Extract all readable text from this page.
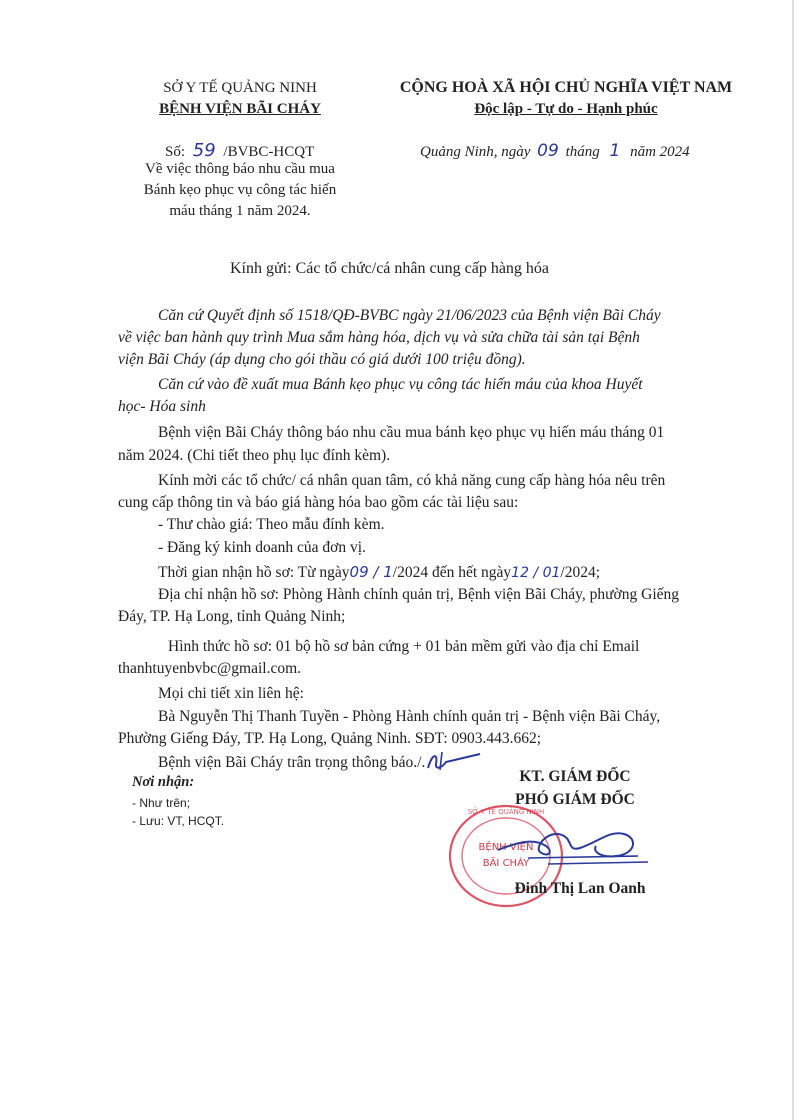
SỞ Y TẾ QUẢNG NINH
BỆNH VIỆN BÃI CHÁY
CỘNG HOÀ XÃ HỘI CHỦ NGHĨA VIỆT NAM
Độc lập - Tự do - Hạnh phúc
Số: 59 /BVBC-HCQT
Về việc thông báo nhu cầu mua
Bánh kẹo phục vụ công tác hiến
máu tháng 1 năm 2024.
Quảng Ninh, ngày 09 tháng 1 năm 2024
Kính gửi: Các tổ chức/cá nhân cung cấp hàng hóa
Căn cứ Quyết định số 1518/QĐ-BVBC ngày 21/06/2023 của Bệnh viện Bãi Cháy
về việc ban hành quy trình Mua sắm hàng hóa, dịch vụ và sửa chữa tài sản tại Bệnh
viện Bãi Cháy (áp dụng cho gói thầu có giá dưới 100 triệu đồng).
Căn cứ vào đề xuất mua Bánh kẹo phục vụ công tác hiến máu của khoa Huyết
học- Hóa sinh
Bệnh viện Bãi Cháy thông báo nhu cầu mua bánh kẹo phục vụ hiến máu tháng 01
năm 2024. (Chi tiết theo phụ lục đính kèm).
Kính mời các tổ chức/ cá nhân quan tâm, có khả năng cung cấp hàng hóa nêu trên
cung cấp thông tin và báo giá hàng hóa bao gồm các tài liệu sau:
- Thư chào giá: Theo mẫu đính kèm.
- Đăng ký kinh doanh của đơn vị.
Thời gian nhận hồ sơ: Từ ngày09 / 1/2024 đến hết ngày12 / 01/2024;
Địa chỉ nhận hồ sơ: Phòng Hành chính quản trị, Bệnh viện Bãi Cháy, phường Giếng
Đáy, TP. Hạ Long, tỉnh Quảng Ninh;
Hình thức hồ sơ: 01 bộ hồ sơ bản cứng + 01 bản mềm gửi vào địa chỉ Email
thanhtuyenbvbc@gmail.com.
Mọi chi tiết xin liên hệ:
Bà Nguyễn Thị Thanh Tuyền - Phòng Hành chính quản trị - Bệnh viện Bãi Cháy,
Phường Giếng Đáy, TP. Hạ Long, Quảng Ninh. SĐT: 0903.443.662;
Bệnh viện Bãi Cháy trân trọng thông báo./.
Nơi nhận:
- Như trên;
- Lưu: VT, HCQT.
KT. GIÁM ĐỐC
PHÓ GIÁM ĐỐC
SỞ Y TẾ QUẢNG NINH
BỆNH VIỆN
BÃI CHÁY
Đinh Thị Lan Oanh
